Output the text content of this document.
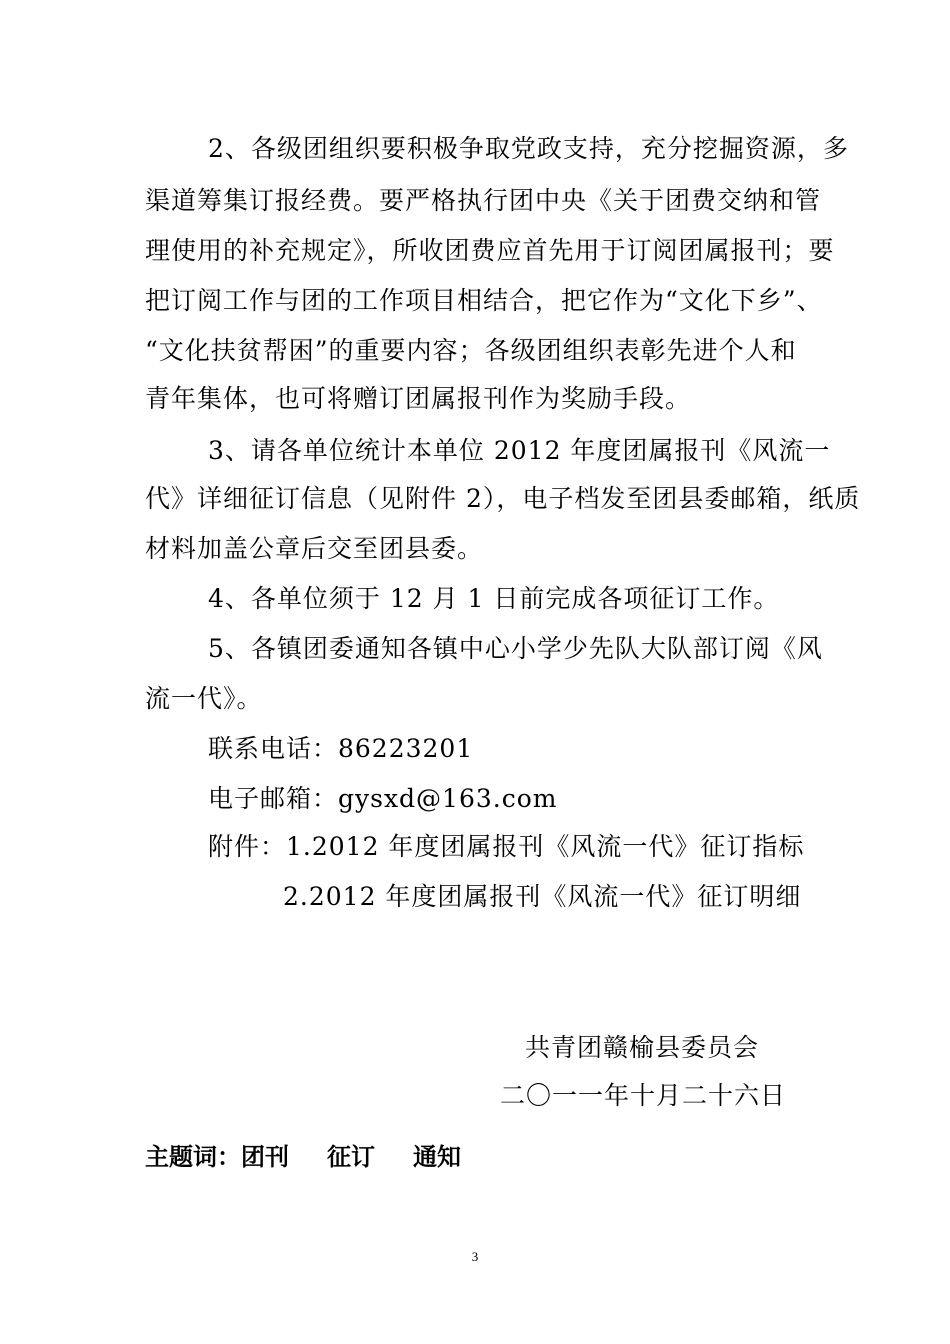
2、各级团组织要积极争取党政支持，充分挖掘资源，多
渠道筹集订报经费。要严格执行团中央《关于团费交纳和管
理使用的补充规定》，所收团费应首先用于订阅团属报刊；要
把订阅工作与团的工作项目相结合，把它作为“文化下乡”、
“文化扶贫帮困”的重要内容；各级团组织表彰先进个人和
青年集体，也可将赠订团属报刊作为奖励手段。
3、请各单位统计本单位 2012 年度团属报刊《风流一
代》详细征订信息（见附件 2），电子档发至团县委邮箱，纸质
材料加盖公章后交至团县委。
4、各单位须于 12 月 1 日前完成各项征订工作。
5、各镇团委通知各镇中心小学少先队大队部订阅《风
流一代》。
联系电话：86223201
电子邮箱：gysxd@163.com
附件：1.2012 年度团属报刊《风流一代》征订指标
2.2012 年度团属报刊《风流一代》征订明细
共青团赣榆县委员会
二〇一一年十月二十六日
主题词：团刊 征订 通知
3
